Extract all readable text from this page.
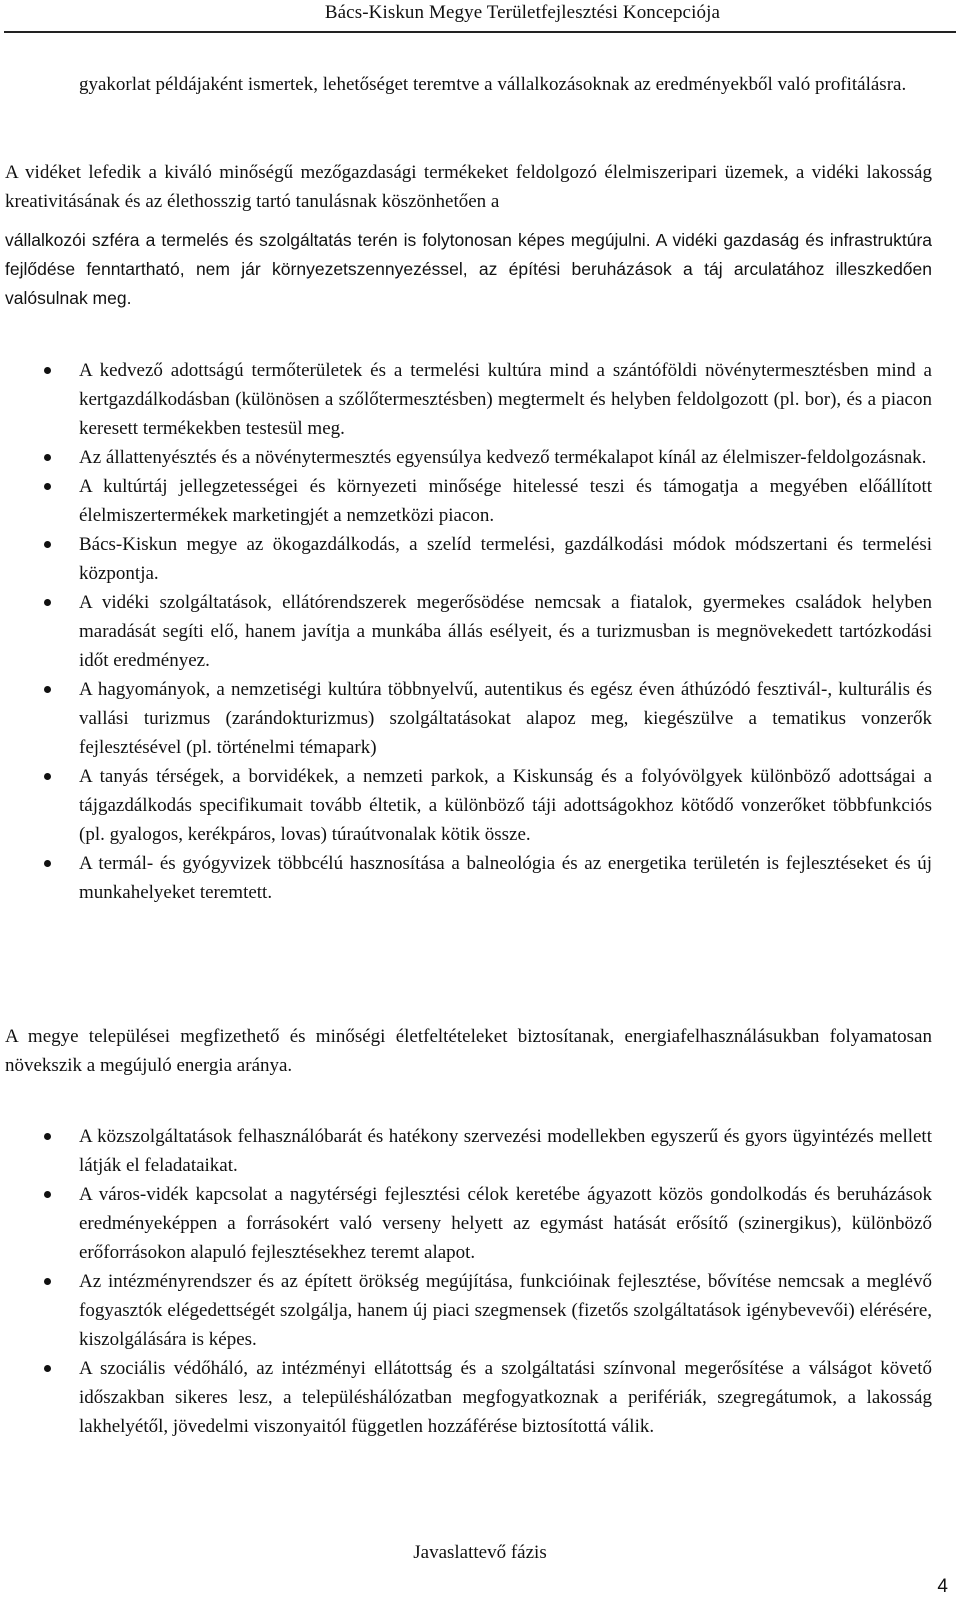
Bács-Kiskun Megye Területfejlesztési Koncepciója

gyakorlat példájaként ismertek, lehetőséget teremtve a vállalkozásoknak az eredményekből való profitálásra.

A vidéket lefedik a kiváló minőségű mezőgazdasági termékeket feldolgozó élelmiszeripari üzemek, a vidéki lakosság kreativitásának és az élethosszig tartó tanulásnak köszönhetően a

vállalkozói szféra a termelés és szolgáltatás terén is folytonosan képes megújulni. A vidéki gazdaság és infrastruktúra fejlődése fenntartható, nem jár környezetszennyezéssel, az építési beruházások a táj arculatához illeszkedően valósulnak meg.

A kedvező adottságú termőterületek és a termelési kultúra mind a szántóföldi növénytermesztésben mind a kertgazdálkodásban (különösen a szőlőtermesztésben) megtermelt és helyben feldolgozott (pl. bor), és a piacon keresett termékekben testesül meg.
Az állattenyésztés és a növénytermesztés egyensúlya kedvező termékalapot kínál az élelmiszer-feldolgozásnak.
A kultúrtáj jellegzetességei és környezeti minősége hitelessé teszi és támogatja a megyében előállított élelmiszertermékek marketingjét a nemzetközi piacon.
Bács-Kiskun megye az ökogazdálkodás, a szelíd termelési, gazdálkodási módok módszertani és termelési központja.
A vidéki szolgáltatások, ellátórendszerek megerősödése nemcsak a fiatalok, gyermekes családok helyben maradását segíti elő, hanem javítja a munkába állás esélyeit, és a turizmusban is megnövekedett tartózkodási időt eredményez.
A hagyományok, a nemzetiségi kultúra többnyelvű, autentikus és egész éven áthúzódó fesztivál-, kulturális és vallási turizmus (zarándokturizmus) szolgáltatásokat alapoz meg, kiegészülve a tematikus vonzerők fejlesztésével (pl. történelmi témapark)
A tanyás térségek, a borvidékek, a nemzeti parkok, a Kiskunság és a folyóvölgyek különböző adottságai a tájgazdálkodás specifikumait tovább éltetik, a különböző táji adottságokhoz kötődő vonzerőket többfunkciós (pl. gyalogos, kerékpáros, lovas) túraútvonalak kötik össze.
A termál- és gyógyvizek többcélú hasznosítása a balneológia és az energetika területén is fejlesztéseket és új munkahelyeket teremtett.

A megye települései megfizethető és minőségi életfeltételeket biztosítanak, energiafelhasználásukban folyamatosan növekszik a megújuló energia aránya.

A közszolgáltatások felhasználóbarát és hatékony szervezési modellekben egyszerű és gyors ügyintézés mellett látják el feladataikat.
A város-vidék kapcsolat a nagytérségi fejlesztési célok keretébe ágyazott közös gondolkodás és beruházások eredményeképpen a forrásokért való verseny helyett az egymást hatását erősítő (szinergikus), különböző erőforrásokon alapuló fejlesztésekhez teremt alapot.
Az intézményrendszer és az épített örökség megújítása, funkcióinak fejlesztése, bővítése nemcsak a meglévő fogyasztók elégedettségét szolgálja, hanem új piaci szegmensek (fizetős szolgáltatások igénybevevői) elérésére, kiszolgálására is képes.
A szociális védőháló, az intézményi ellátottság és a szolgáltatási színvonal megerősítése a válságot követő időszakban sikeres lesz, a településhálózatban megfogyatkoznak a perifériák, szegregátumok, a lakosság lakhelyétől, jövedelmi viszonyaitól független hozzáférése biztosítottá válik.
Javaslattevő fázis
4
